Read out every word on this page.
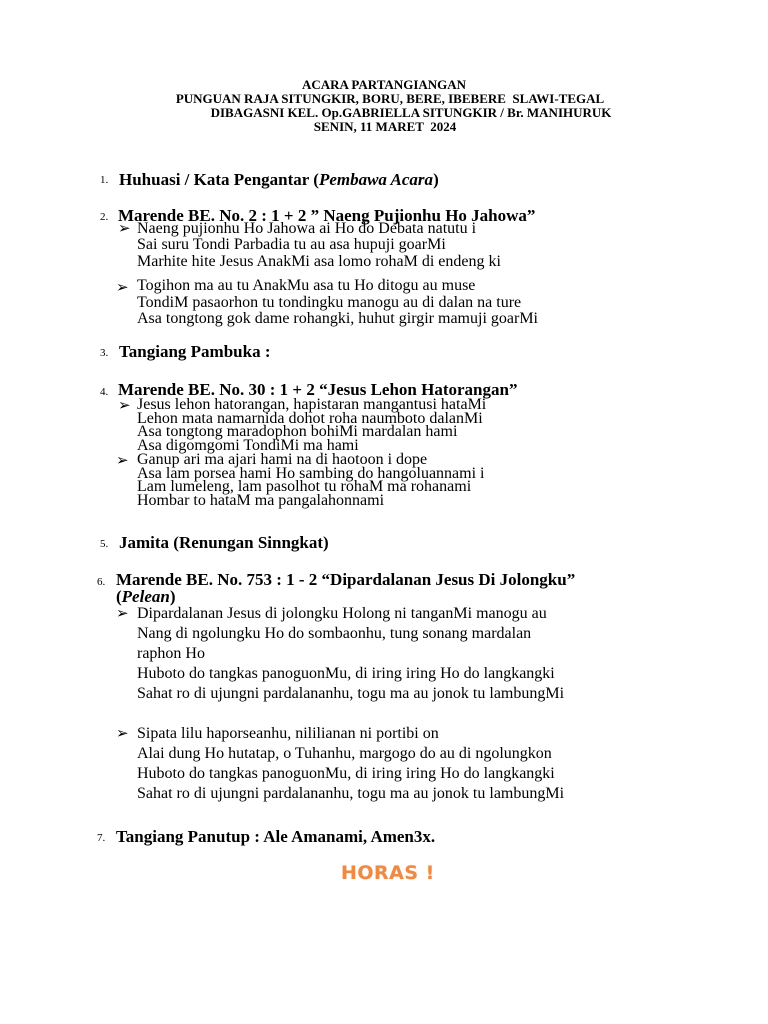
ACARA PARTANGIANGAN
PUNGUAN RAJA SITUNGKIR, BORU, BERE, IBEBERE  SLAWI-TEGAL
DIBAGASNI KEL. Op.GABRIELLA SITUNGKIR / Br. MANIHURUK
SENIN, 11 MARET  2024
1. Huhuasi / Kata Pengantar (Pembawa Acara)
2. Marende BE. No. 2 : 1 + 2 ” Naeng Pujionhu Ho Jahowa”
➢ Naeng pujionhu Ho Jahowa ai Ho do Debata natutu i
Sai suru Tondi Parbadia tu au asa hupuji goarMi
Marhite hite Jesus AnakMi asa lomo rohaM di endeng ki
➢ Togihon ma au tu AnakMu asa tu Ho ditogu au muse
TondiM pasaorhon tu tondingku manogu au di dalan na ture
Asa tongtong gok dame rohangki, huhut girgir mamuji goarMi
3. Tangiang Pambuka :
4. Marende BE. No. 30 : 1 + 2 “Jesus Lehon Hatorangan”
➢ Jesus lehon hatorangan, hapistaran mangantusi hataMi
Lehon mata namarnida dohot roha naumboto dalanMi
Asa tongtong maradophon bohiMi mardalan hami
Asa digomgomi TondiMi ma hami
➢ Ganup ari ma ajari hami na di haotoon i dope
Asa lam porsea hami Ho sambing do hangoluannami i
Lam lumeleng, lam pasolhot tu rohaM ma rohanami
Hombar to hataM ma pangalahonnami
5. Jamita (Renungan Sinngkat)
6. Marende BE. No. 753 : 1 - 2 “Dipardalanan Jesus Di Jolongku”
(Pelean)
➢ Dipardalanan Jesus di jolongku Holong ni tanganMi manogu au
Nang di ngolungku Ho do sombaonhu, tung sonang mardalan
raphon Ho
Huboto do tangkas panoguonMu, di iring iring Ho do langkangki
Sahat ro di ujungni pardalananhu, togu ma au jonok tu lambungMi
➢ Sipata lilu haporseanhu, nililianan ni portibi on
Alai dung Ho hutatap, o Tuhanhu, margogo do au di ngolungkon
Huboto do tangkas panoguonMu, di iring iring Ho do langkangki
Sahat ro di ujungni pardalananhu, togu ma au jonok tu lambungMi
7. Tangiang Panutup : Ale Amanami, Amen3x.
HORAS !
